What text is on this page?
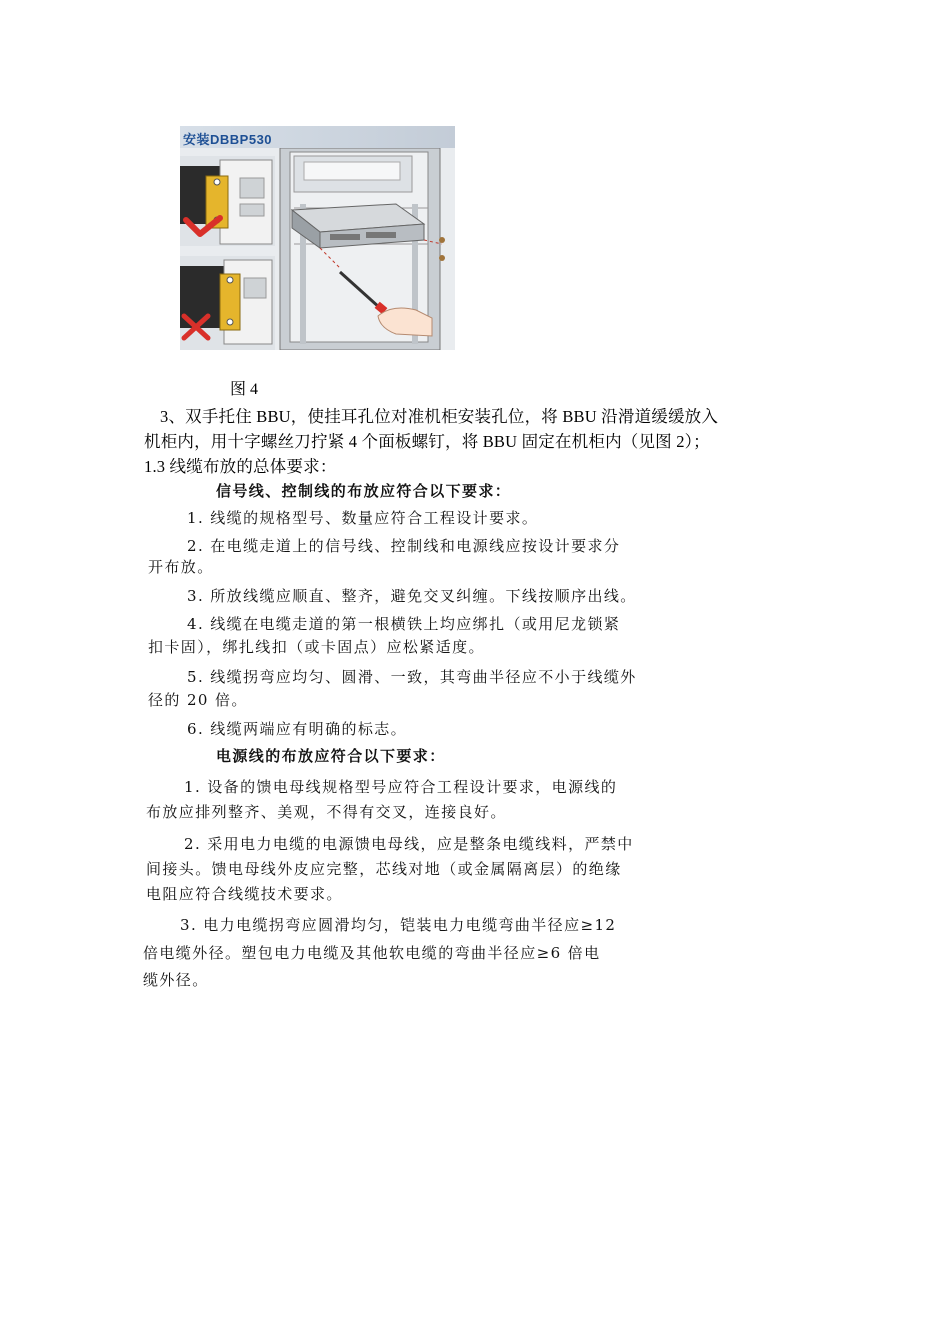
安装DBBP530
图 4
3、双手托住 BBU，使挂耳孔位对准机柜安装孔位，将 BBU 沿滑道缓缓放入
机柜内，用十字螺丝刀拧紧 4 个面板螺钉，将 BBU 固定在机柜内（见图 2）；
1.3 线缆布放的总体要求：
信号线、控制线的布放应符合以下要求：
1. 线缆的规格型号、数量应符合工程设计要求。
2. 在电缆走道上的信号线、控制线和电源线应按设计要求分
开布放。
3. 所放线缆应顺直、整齐，避免交叉纠缠。下线按顺序出线。
4. 线缆在电缆走道的第一根横铁上均应绑扎（或用尼龙锁紧
扣卡固），绑扎线扣（或卡固点）应松紧适度。
5. 线缆拐弯应均匀、圆滑、一致，其弯曲半径应不小于线缆外
径的 20 倍。
6. 线缆两端应有明确的标志。
电源线的布放应符合以下要求：
1. 设备的馈电母线规格型号应符合工程设计要求，电源线的
布放应排列整齐、美观，不得有交叉，连接良好。
2. 采用电力电缆的电源馈电母线，应是整条电缆线料，严禁中
间接头。馈电母线外皮应完整，芯线对地（或金属隔离层）的绝缘
电阻应符合线缆技术要求。
3. 电力电缆拐弯应圆滑均匀，铠装电力电缆弯曲半径应≥12
倍电缆外径。塑包电力电缆及其他软电缆的弯曲半径应≥6 倍电
缆外径。
